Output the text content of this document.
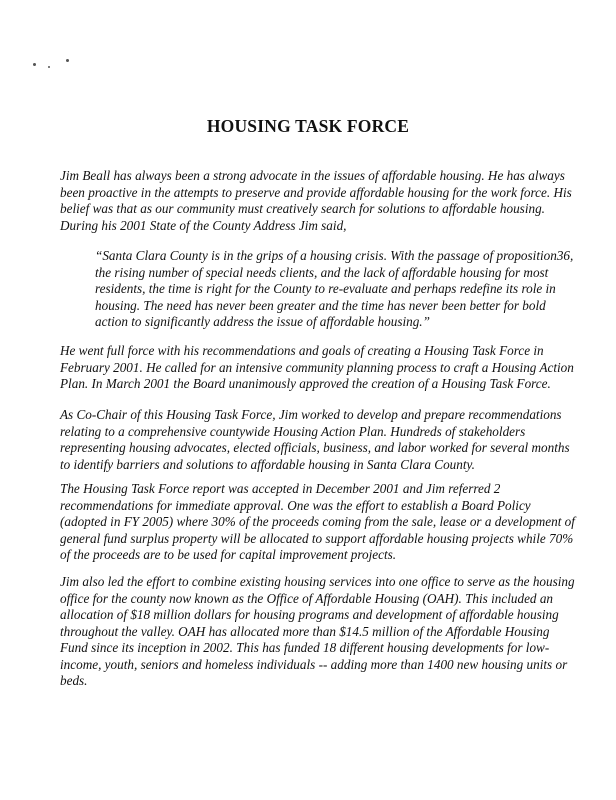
HOUSING TASK FORCE

Jim Beall has always been a strong advocate in the issues of affordable housing. He has always been proactive in the attempts to preserve and provide affordable housing for the work force. His belief was that as our community must creatively search for solutions to affordable housing. During his 2001 State of the County Address Jim said,

“Santa Clara County is in the grips of a housing crisis. With the passage of proposition36, the rising number of special needs clients, and the lack of affordable housing for most residents, the time is right for the County to re-evaluate and perhaps redefine its role in housing. The need has never been greater and the time has never been better for bold action to significantly address the issue of affordable housing.”

He went full force with his recommendations and goals of creating a Housing Task Force in February 2001. He called for an intensive community planning process to craft a Housing Action Plan. In March 2001 the Board unanimously approved the creation of a Housing Task Force.

As Co-Chair of this Housing Task Force, Jim worked to develop and prepare recommendations relating to a comprehensive countywide Housing Action Plan. Hundreds of stakeholders representing housing advocates, elected officials, business, and labor worked for several months to identify barriers and solutions to affordable housing in Santa Clara County.

The Housing Task Force report was accepted in December 2001 and Jim referred 2 recommendations for immediate approval. One was the effort to establish a Board Policy (adopted in FY 2005) where 30% of the proceeds coming from the sale, lease or a development of general fund surplus property will be allocated to support affordable housing projects while 70% of the proceeds are to be used for capital improvement projects.

Jim also led the effort to combine existing housing services into one office to serve as the housing office for the county now known as the Office of Affordable Housing (OAH). This included an allocation of $18 million dollars for housing programs and development of affordable housing throughout the valley. OAH has allocated more than $14.5 million of the Affordable Housing Fund since its inception in 2002. This has funded 18 different housing developments for low-income, youth, seniors and homeless individuals -- adding more than 1400 new housing units or beds.
